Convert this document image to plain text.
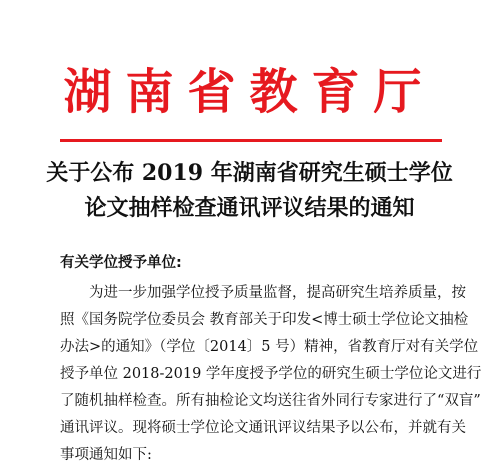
湖南省教育厅
关于公布 2019 年湖南省研究生硕士学位
论文抽样检查通讯评议结果的通知
有关学位授予单位:
为进一步加强学位授予质量监督，提高研究生培养质量，按
照《国务院学位委员会 教育部关于印发<博士硕士学位论文抽检
办法>的通知》（学位〔2014〕5 号）精神，省教育厅对有关学位
授予单位 2018-2019 学年度授予学位的研究生硕士学位论文进行
了随机抽样检查。所有抽检论文均送往省外同行专家进行了“双盲”
通讯评议。现将硕士学位论文通讯评议结果予以公布，并就有关
事项通知如下:
